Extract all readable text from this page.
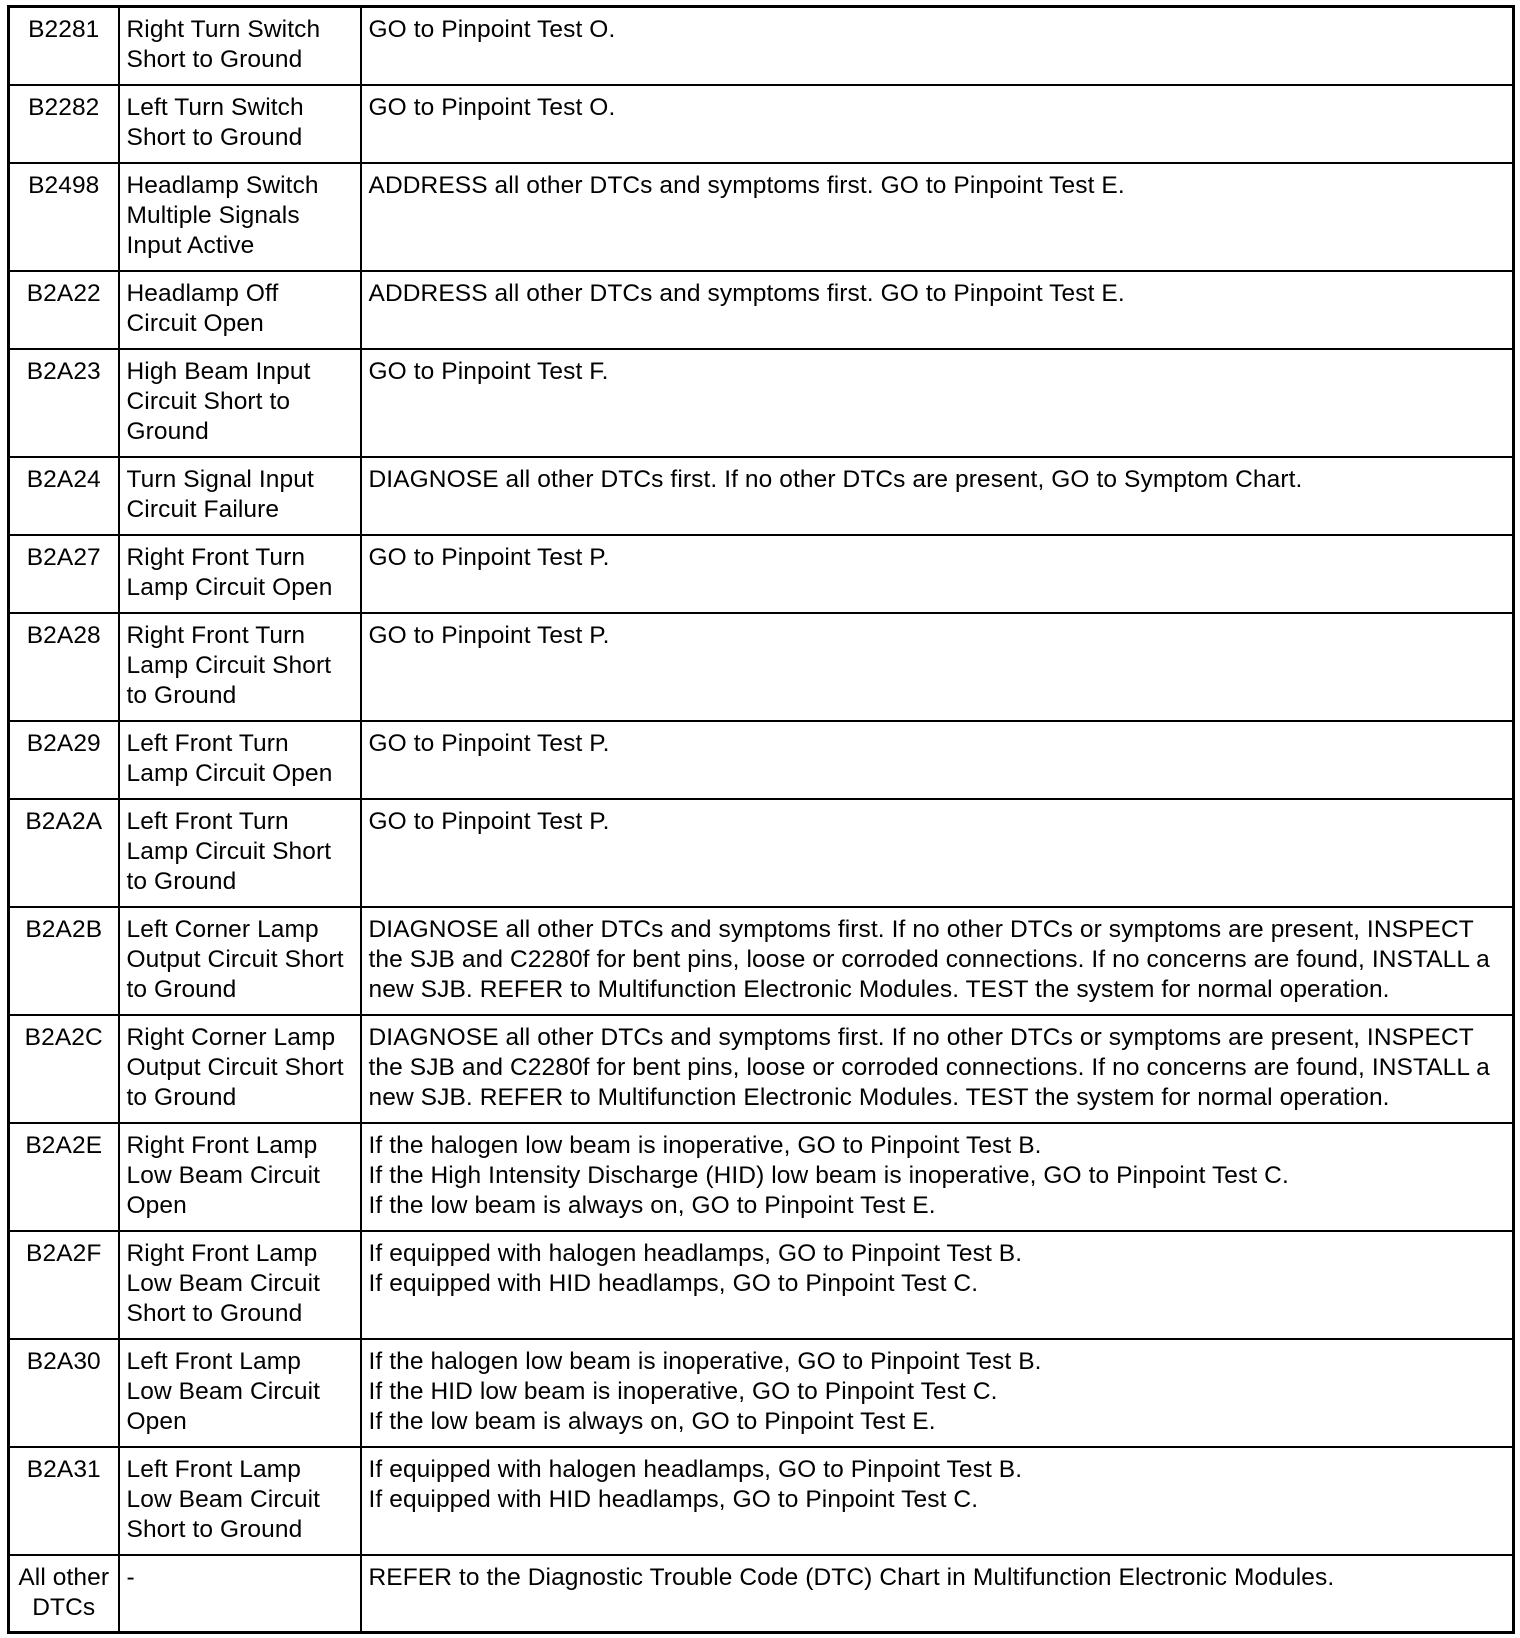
B2281	Right Turn Switch Short to Ground	GO to Pinpoint Test O.

B2282	Left Turn Switch Short to Ground	GO to Pinpoint Test O.

B2498	Headlamp Switch Multiple Signals Input Active	ADDRESS all other DTCs and symptoms first. GO to Pinpoint Test E.

B2A22	Headlamp Off Circuit Open	ADDRESS all other DTCs and symptoms first. GO to Pinpoint Test E.

B2A23	High Beam Input Circuit Short to Ground	GO to Pinpoint Test F.

B2A24	Turn Signal Input Circuit Failure	DIAGNOSE all other DTCs first. If no other DTCs are present, GO to Symptom Chart.

B2A27	Right Front Turn Lamp Circuit Open	GO to Pinpoint Test P.

B2A28	Right Front Turn Lamp Circuit Short to Ground	GO to Pinpoint Test P.

B2A29	Left Front Turn Lamp Circuit Open	GO to Pinpoint Test P.

B2A2A	Left Front Turn Lamp Circuit Short to Ground	GO to Pinpoint Test P.

B2A2B	Left Corner Lamp Output Circuit Short to Ground	DIAGNOSE all other DTCs and symptoms first. If no other DTCs or symptoms are present, INSPECT the SJB and C2280f for bent pins, loose or corroded connections. If no concerns are found, INSTALL a new SJB. REFER to Multifunction Electronic Modules. TEST the system for normal operation.

B2A2C	Right Corner Lamp Output Circuit Short to Ground	DIAGNOSE all other DTCs and symptoms first. If no other DTCs or symptoms are present, INSPECT the SJB and C2280f for bent pins, loose or corroded connections. If no concerns are found, INSTALL a new SJB. REFER to Multifunction Electronic Modules. TEST the system for normal operation.

B2A2E	Right Front Lamp Low Beam Circuit Open	If the halogen low beam is inoperative, GO to Pinpoint Test B.
If the High Intensity Discharge (HID) low beam is inoperative, GO to Pinpoint Test C.
If the low beam is always on, GO to Pinpoint Test E.

B2A2F	Right Front Lamp Low Beam Circuit Short to Ground	If equipped with halogen headlamps, GO to Pinpoint Test B.
If equipped with HID headlamps, GO to Pinpoint Test C.

B2A30	Left Front Lamp Low Beam Circuit Open	If the halogen low beam is inoperative, GO to Pinpoint Test B.
If the HID low beam is inoperative, GO to Pinpoint Test C.
If the low beam is always on, GO to Pinpoint Test E.

B2A31	Left Front Lamp Low Beam Circuit Short to Ground	If equipped with halogen headlamps, GO to Pinpoint Test B.
If equipped with HID headlamps, GO to Pinpoint Test C.

All other DTCs	-	REFER to the Diagnostic Trouble Code (DTC) Chart in Multifunction Electronic Modules.
